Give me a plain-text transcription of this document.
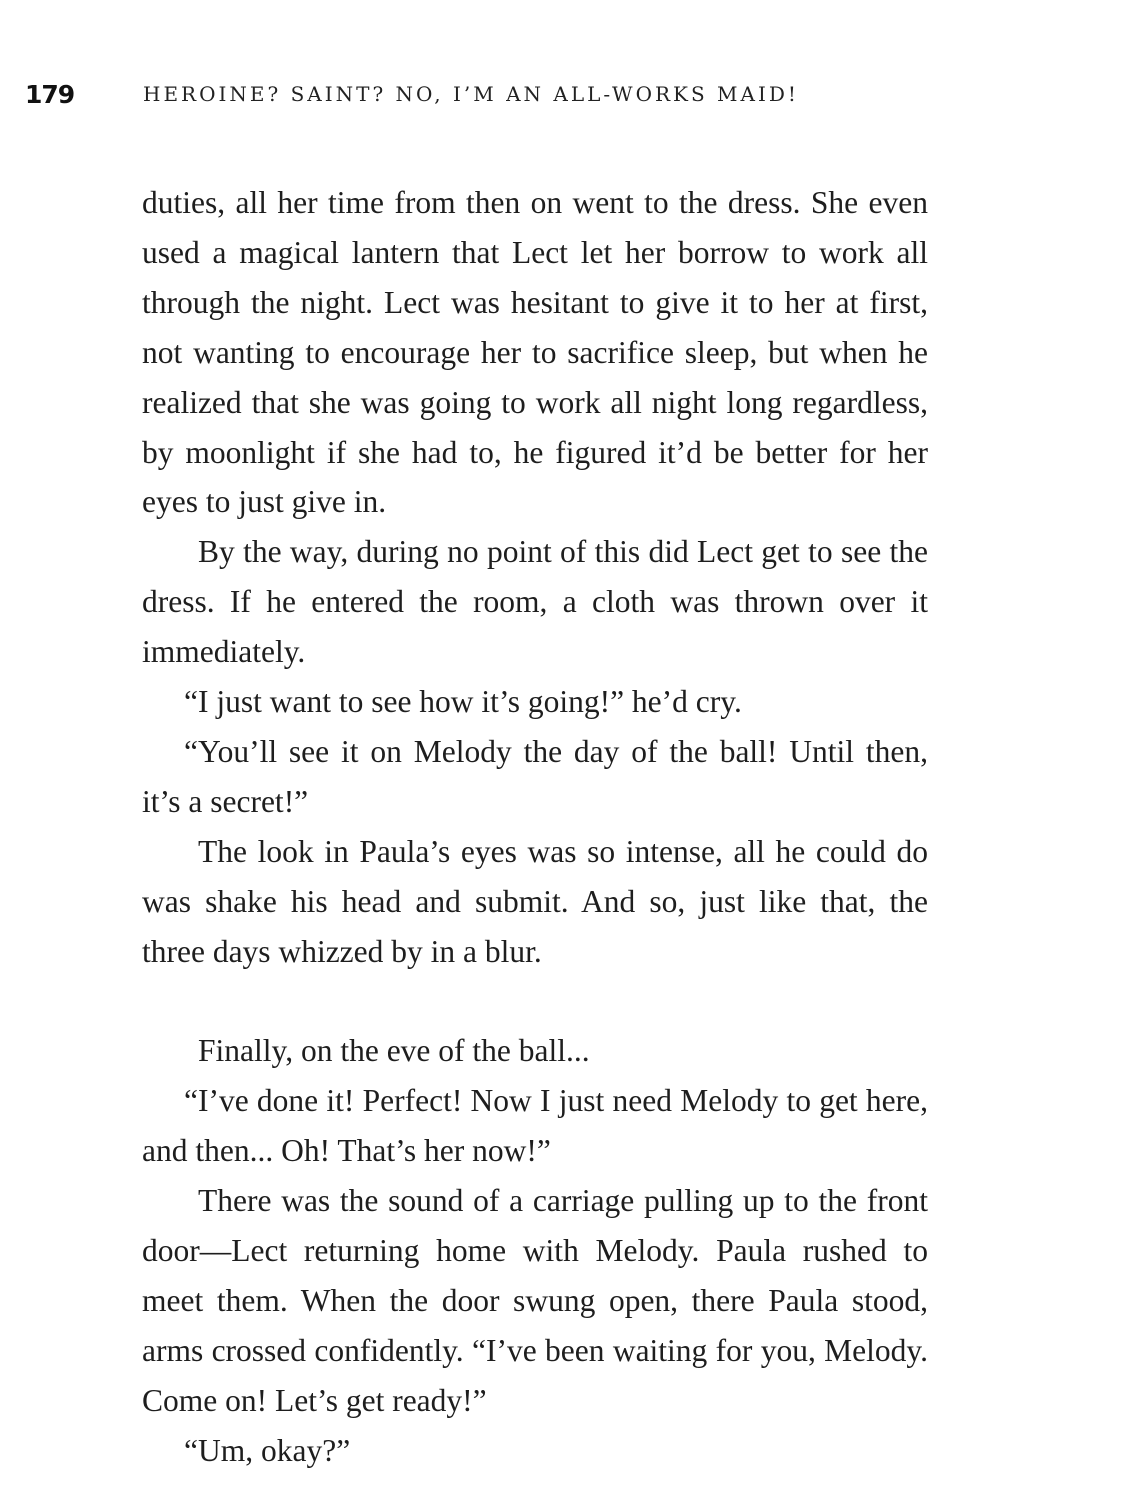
179	HEROINE? SAINT? NO, I’M AN ALL-WORKS MAID!

duties, all her time from then on went to the dress. She even used a magical lantern that Lect let her borrow to work all through the night. Lect was hesitant to give it to her at first, not wanting to encourage her to sacrifice sleep, but when he realized that she was going to work all night long regardless, by moonlight if she had to, he figured it’d be better for her eyes to just give in.

By the way, during no point of this did Lect get to see the dress. If he entered the room, a cloth was thrown over it immediately.

“I just want to see how it’s going!” he’d cry.

“You’ll see it on Melody the day of the ball! Until then, it’s a secret!”

The look in Paula’s eyes was so intense, all he could do was shake his head and submit. And so, just like that, the three days whizzed by in a blur.

Finally, on the eve of the ball...

“I’ve done it! Perfect! Now I just need Melody to get here, and then... Oh! That’s her now!”

There was the sound of a carriage pulling up to the front door—Lect returning home with Melody. Paula rushed to meet them. When the door swung open, there Paula stood, arms crossed confidently. “I’ve been waiting for you, Melody. Come on! Let’s get ready!”

“Um, okay?”
